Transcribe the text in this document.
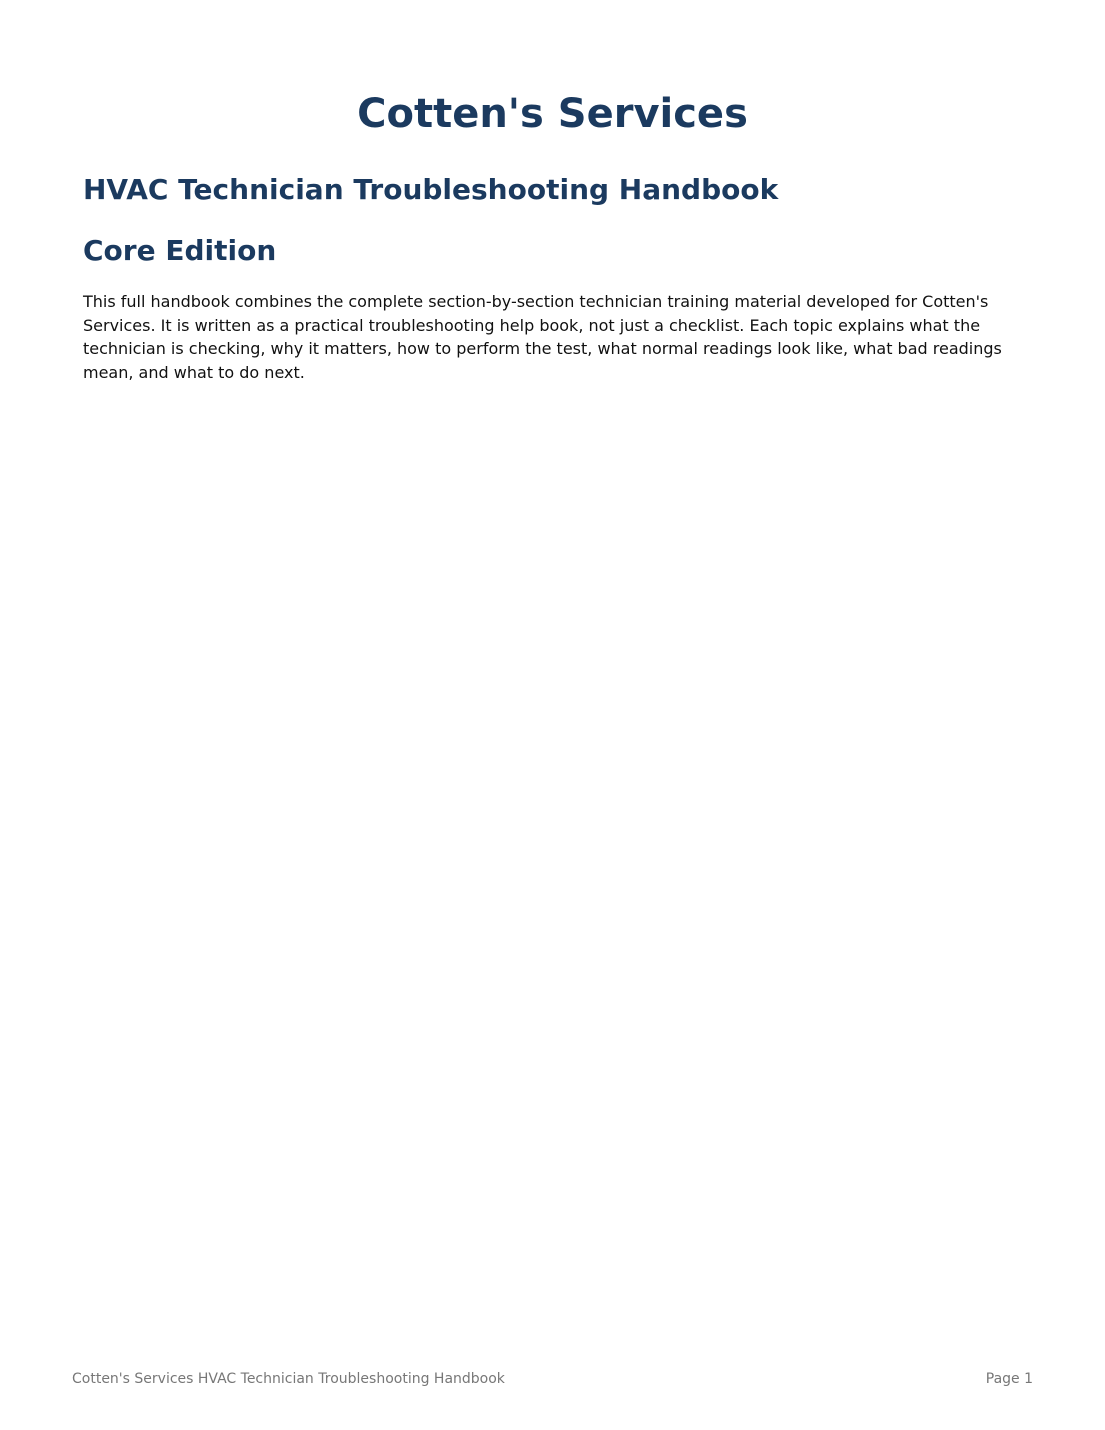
Cotten's Services
HVAC Technician Troubleshooting Handbook
Core Edition

This full handbook combines the complete section-by-section technician training material developed for Cotten's Services. It is written as a practical troubleshooting help book, not just a checklist. Each topic explains what the technician is checking, why it matters, how to perform the test, what normal readings look like, what bad readings mean, and what to do next.

Cotten's Services HVAC Technician Troubleshooting Handbook	Page 1
